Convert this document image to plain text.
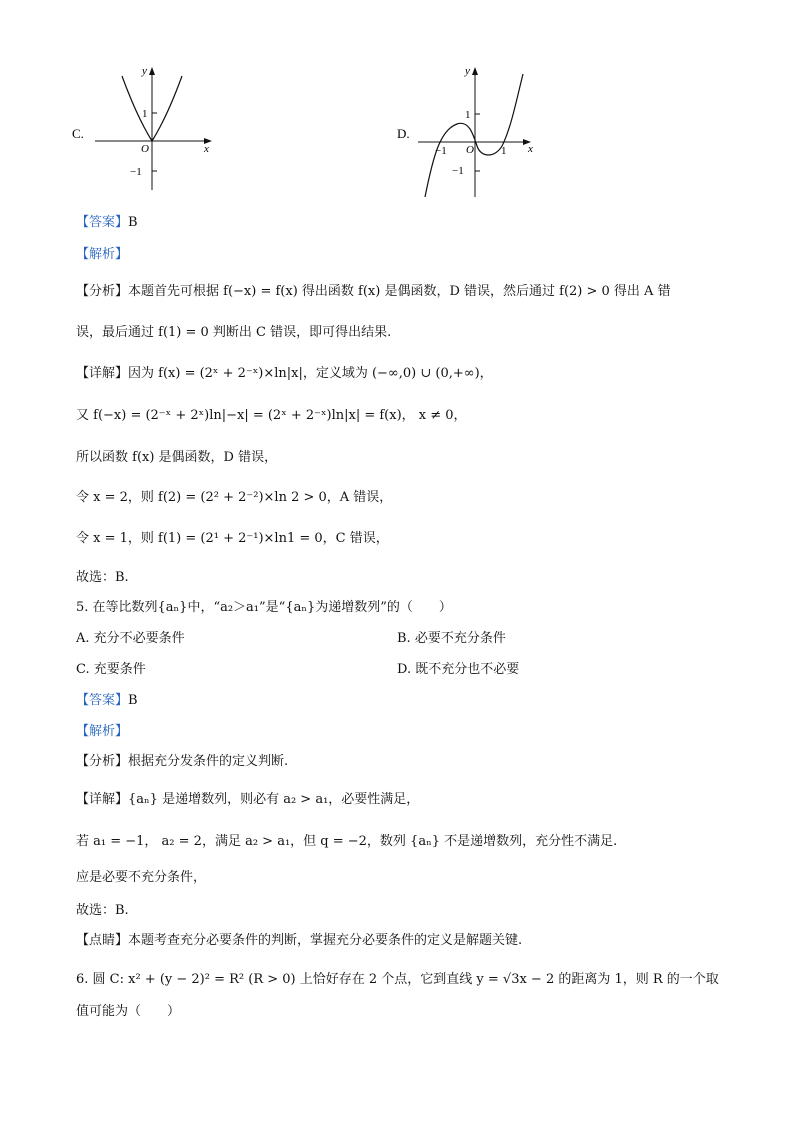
C.
x
y
O
1
−1
D.
x
y
O
1
−1
−1	1
【答案】B
【解析】
【分析】本题首先可根据 f(−x) = f(x) 得出函数 f(x) 是偶函数，D 错误，然后通过 f(2) > 0 得出 A 错
误，最后通过 f(1) = 0 判断出 C 错误，即可得出结果.
【详解】因为 f(x) = (2ˣ + 2⁻ˣ)×ln|x|，定义域为 (−∞,0) ∪ (0,+∞)，
又 f(−x) = (2⁻ˣ + 2ˣ)ln|−x| = (2ˣ + 2⁻ˣ)ln|x| = f(x)， x ≠ 0，
所以函数 f(x) 是偶函数，D 错误，
令 x = 2，则 f(2) = (2² + 2⁻²)×ln 2 > 0，A 错误，
令 x = 1，则 f(1) = (2¹ + 2⁻¹)×ln1 = 0，C 错误，
故选：B.
5. 在等比数列{aₙ}中，“a₂＞a₁”是“{aₙ}为递增数列”的（　　）
A. 充分不必要条件	B. 必要不充分条件
C. 充要条件	D. 既不充分也不必要
【答案】B
【解析】
【分析】根据充分发条件的定义判断.
【详解】{aₙ} 是递增数列，则必有 a₂ > a₁，必要性满足，
若 a₁ = −1， a₂ = 2，满足 a₂ > a₁，但 q = −2，数列 {aₙ} 不是递增数列，充分性不满足.
应是必要不充分条件，
故选：B.
【点睛】本题考查充分必要条件的判断，掌握充分必要条件的定义是解题关键.
6. 圆 C: x² + (y − 2)² = R² (R > 0) 上恰好存在 2 个点，它到直线 y = √3x − 2 的距离为 1，则 R 的一个取
值可能为（　　）
